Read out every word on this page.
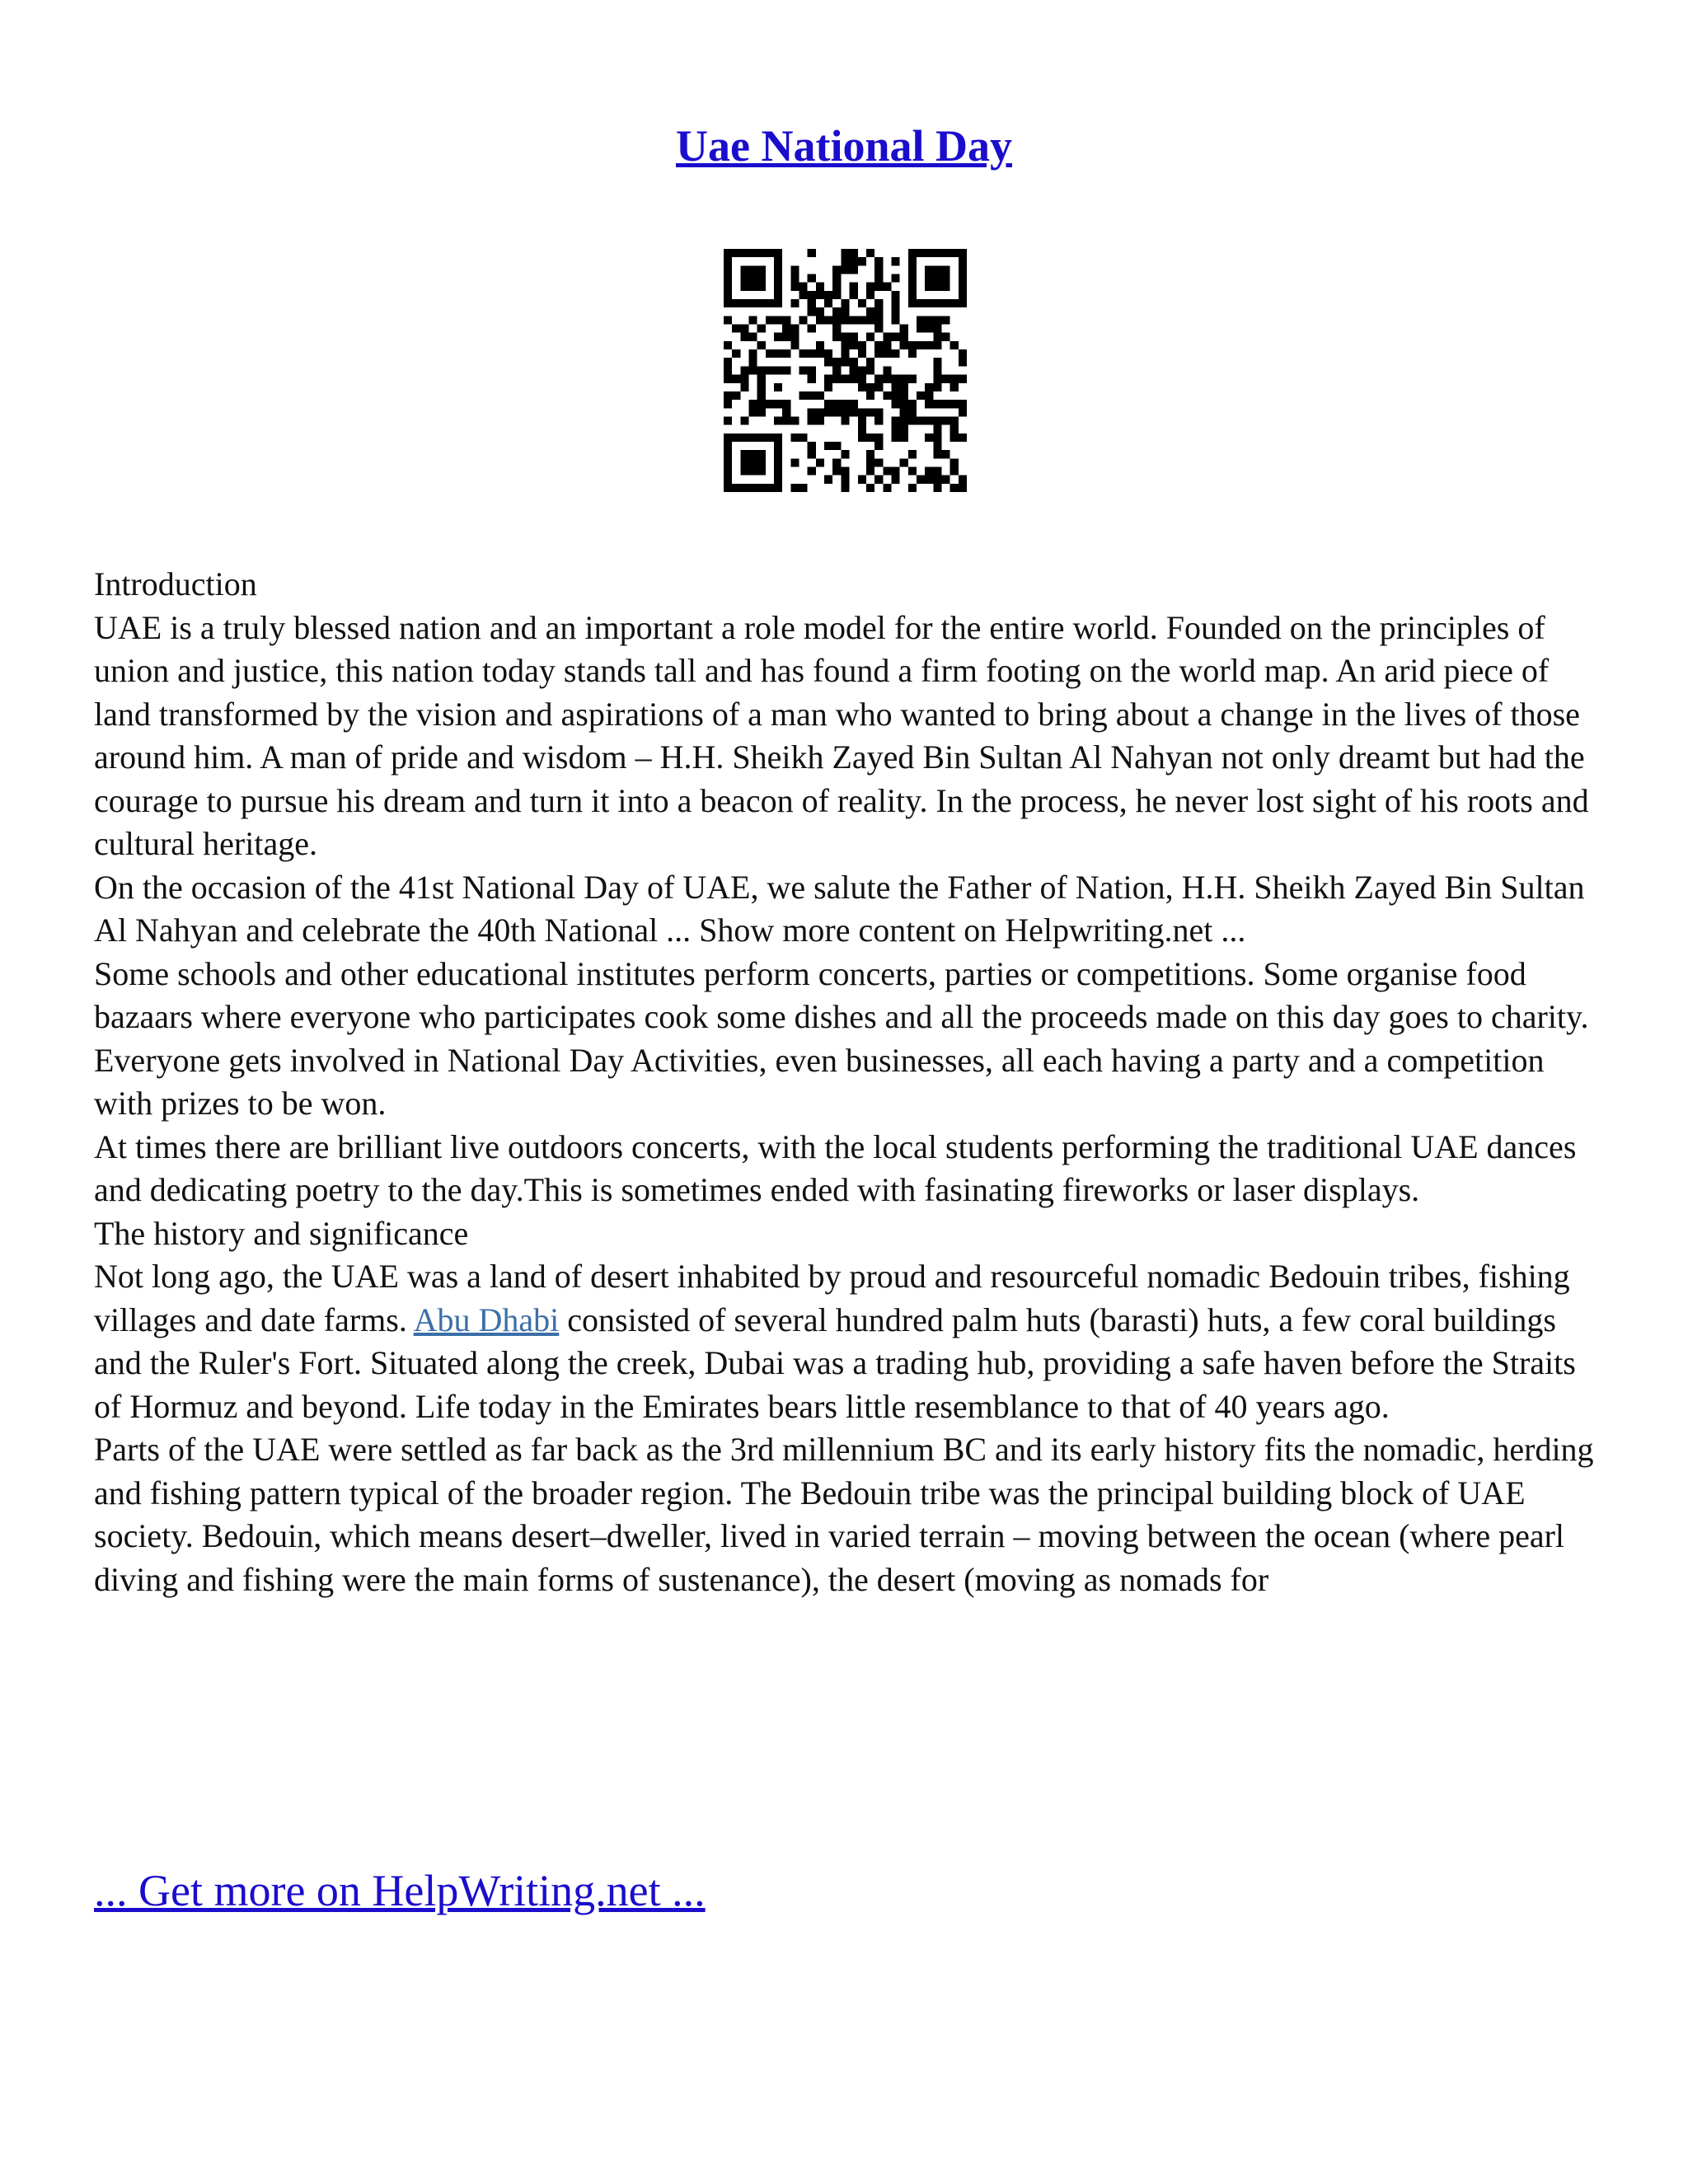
Uae National Day

Introduction

UAE is a truly blessed nation and an important a role model for the entire world. Founded on the principles of union and justice, this nation today stands tall and has found a firm footing on the world map. An arid piece of land transformed by the vision and aspirations of a man who wanted to bring about a change in the lives of those around him. A man of pride and wisdom – H.H. Sheikh Zayed Bin Sultan Al Nahyan not only dreamt but had the courage to pursue his dream and turn it into a beacon of reality. In the process, he never lost sight of his roots and cultural heritage.

On the occasion of the 41st National Day of UAE, we salute the Father of Nation, H.H. Sheikh Zayed Bin Sultan Al Nahyan and celebrate the 40th National ... Show more content on Helpwriting.net ...

Some schools and other educational institutes perform concerts, parties or competitions. Some organise food bazaars where everyone who participates cook some dishes and all the proceeds made on this day goes to charity.

Everyone gets involved in National Day Activities, even businesses, all each having a party and a competition with prizes to be won.

At times there are brilliant live outdoors concerts, with the local students performing the traditional UAE dances and dedicating poetry to the day.This is sometimes ended with fasinating fireworks or laser displays.

The history and significance

Not long ago, the UAE was a land of desert inhabited by proud and resourceful nomadic Bedouin tribes, fishing villages and date farms. Abu Dhabi consisted of several hundred palm huts (barasti) huts, a few coral buildings and the Ruler's Fort. Situated along the creek, Dubai was a trading hub, providing a safe haven before the Straits of Hormuz and beyond. Life today in the Emirates bears little resemblance to that of 40 years ago.

Parts of the UAE were settled as far back as the 3rd millennium BC and its early history fits the nomadic, herding and fishing pattern typical of the broader region. The Bedouin tribe was the principal building block of UAE society. Bedouin, which means desert–dweller, lived in varied terrain – moving between the ocean (where pearl diving and fishing were the main forms of sustenance), the desert (moving as nomads for

... Get more on HelpWriting.net ...
